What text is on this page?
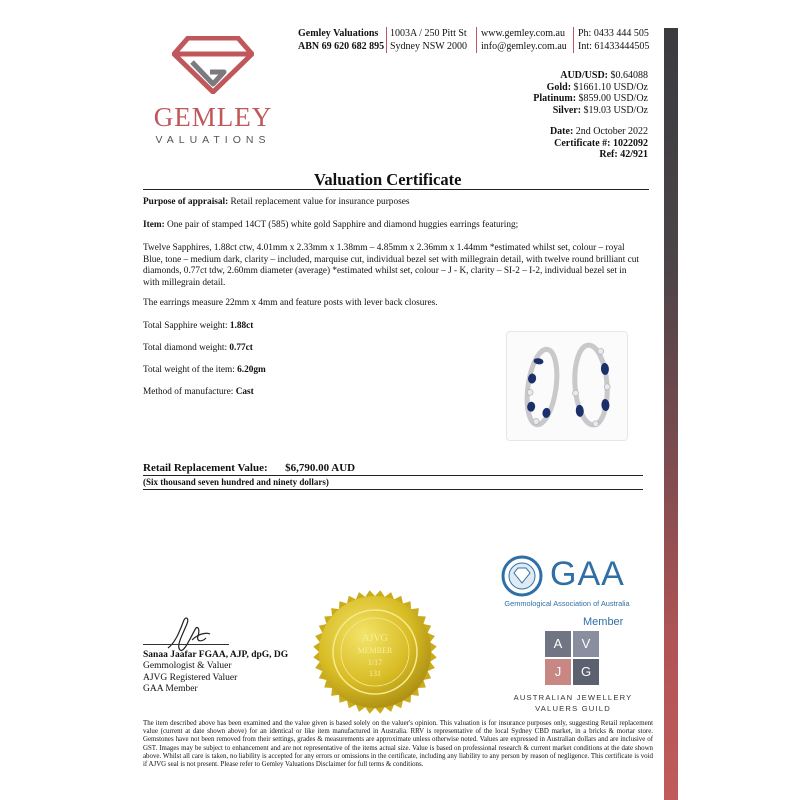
GEMLEY
VALUATIONS
Gemley Valuations
ABN 69 620 682 895
1003A / 250 Pitt St
Sydney NSW 2000
www.gemley.com.au
info@gemley.com.au
Ph: 0433 444 505
Int: 61433444505
AUD/USD: $0.64088
Gold: $1661.10 USD/Oz
Platinum: $859.00 USD/Oz
Silver: $19.03 USD/Oz
Date: 2nd October 2022
Certificate #: 1022092
Ref: 42/921
Valuation Certificate
Purpose of appraisal: Retail replacement value for insurance purposes
Item: One pair of stamped 14CT (585) white gold Sapphire and diamond huggies earrings featuring;
Twelve Sapphires, 1.88ct ctw, 4.01mm x 2.33mm x 1.38mm – 4.85mm x 2.36mm x 1.44mm *estimated whilst set, colour – royal Blue, tone – medium dark, clarity – included, marquise cut, individual bezel set with millegrain detail, with twelve round brilliant cut diamonds, 0.77ct tdw, 2.60mm diameter (average) *estimated whilst set, colour – J - K, clarity – SI-2 – I-2, individual bezel set in with millegrain detail.
The earrings measure 22mm x 4mm and feature posts with lever back closures.
Total Sapphire weight: 1.88ct
Total diamond weight: 0.77ct
Total weight of the item: 6.20gm
Method of manufacture: Cast
Retail Replacement Value: $6,790.00 AUD
(Six thousand seven hundred and ninety dollars)
AJVG
MEMBER
1/17
131
GAA
Gemmological Association of Australia
Member
A	V
J	G
AUSTRALIAN JEWELLERY
VALUERS GUILD
Sanaa Jaafar FGAA, AJP, dpG, DG
Gemmologist & Valuer
AJVG Registered Valuer
GAA Member
The item described above has been examined and the value given is based solely on the valuer's opinion. This valuation is for insurance purposes only, suggesting Retail replacement value (current at date shown above) for an identical or like item manufactured in Australia. RRV is representative of the local Sydney CBD market, in a bricks & mortar store. Gemstones have not been removed from their settings, grades & measurements are approximate unless otherwise noted. Values are expressed in Australian dollars and are inclusive of GST. Images may be subject to enhancement and are not representative of the items actual size. Value is based on professional research & current market conditions at the date shown above. Whilst all care is taken, no liability is accepted for any errors or omissions in the certificate, including any liability to any person by reason of negligence. This certificate is void if AJVG seal is not present. Please refer to Gemley Valuations Disclaimer for full terms & conditions.
